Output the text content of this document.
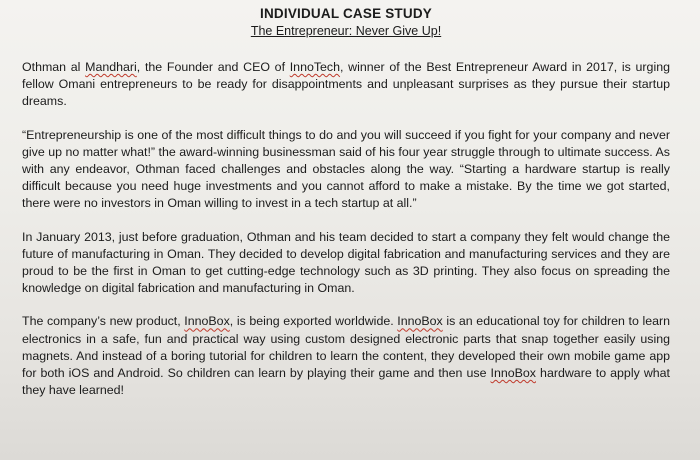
INDIVIDUAL CASE STUDY

The Entrepreneur: Never Give Up!

Othman al Mandhari, the Founder and CEO of InnoTech, winner of the Best Entrepreneur Award in 2017, is urging fellow Omani entrepreneurs to be ready for disappointments and unpleasant surprises as they pursue their startup dreams.

“Entrepreneurship is one of the most difficult things to do and you will succeed if you fight for your company and never give up no matter what!” the award-winning businessman said of his four year struggle through to ultimate success. As with any endeavor, Othman faced challenges and obstacles along the way. “Starting a hardware startup is really difficult because you need huge investments and you cannot afford to make a mistake. By the time we got started, there were no investors in Oman willing to invest in a tech startup at all.”

In January 2013, just before graduation, Othman and his team decided to start a company they felt would change the future of manufacturing in Oman. They decided to develop digital fabrication and manufacturing services and they are proud to be the first in Oman to get cutting-edge technology such as 3D printing. They also focus on spreading the knowledge on digital fabrication and manufacturing in Oman.

The company’s new product, InnoBox, is being exported worldwide. InnoBox is an educational toy for children to learn electronics in a safe, fun and practical way using custom designed electronic parts that snap together easily using magnets. And instead of a boring tutorial for children to learn the content, they developed their own mobile game app for both iOS and Android. So children can learn by playing their game and then use InnoBox hardware to apply what they have learned!
